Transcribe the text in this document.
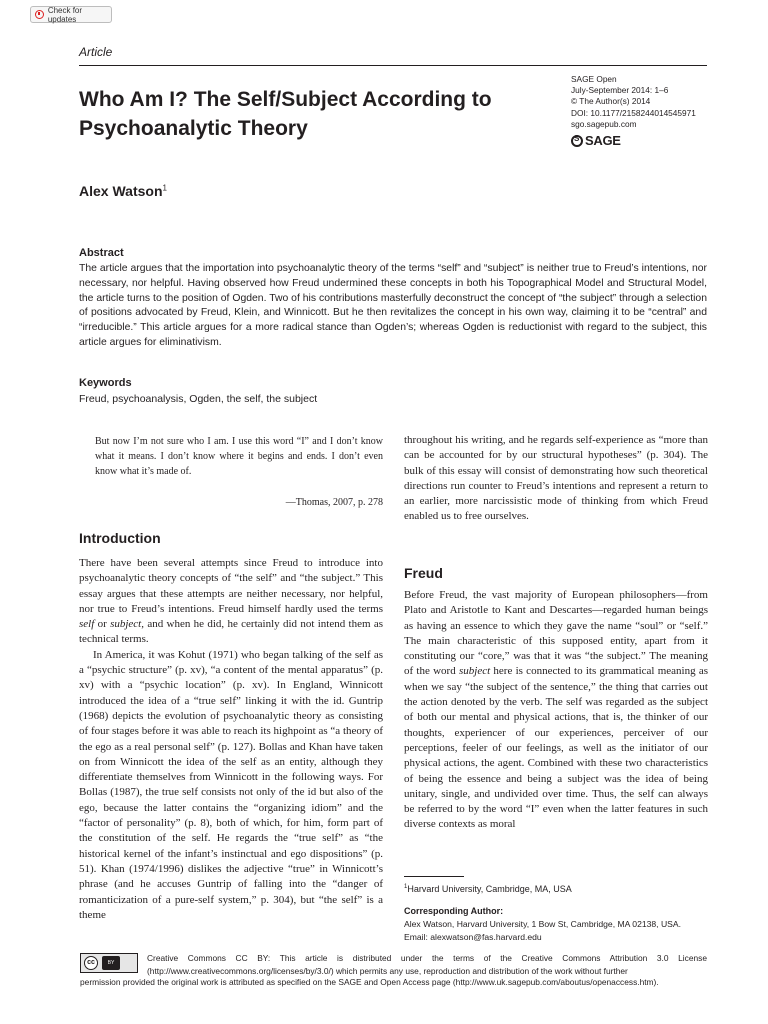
Check for updates
Article
Who Am I? The Self/Subject According to Psychoanalytic Theory
SAGE Open
July-September 2014: 1–6
© The Author(s) 2014
DOI: 10.1177/2158244014545971
sgo.sagepub.com
S
SAGE
Alex Watson$^1$
Abstract

The article argues that the importation into psychoanalytic theory of the terms “self” and “subject” is neither true to Freud’s intentions, nor necessary, nor helpful. Having observed how Freud undermined these concepts in both his Topographical Model and Structural Model, the article turns to the position of Ogden. Two of his contributions masterfully deconstruct the concept of “the subject” through a selection of positions advocated by Freud, Klein, and Winnicott. But he then revitalizes the concept in his own way, claiming it to be “central” and “irreducible.” This article argues for a more radical stance than Ogden’s; whereas Ogden is reductionist with regard to the subject, this article argues for eliminativism.

Keywords
Freud, psychoanalysis, Ogden, the self, the subject

But now I’m not sure who I am. I use this word “I” and I don’t know what it means. I don’t know where it begins and ends. I don’t even know what it’s made of.

—Thomas, 2007, p. 278
Introduction

There have been several attempts since Freud to introduce into psychoanalytic theory concepts of “the self” and “the subject.” This essay argues that these attempts are neither necessary, nor helpful, nor true to Freud’s intentions. Freud himself hardly used the terms self or subject, and when he did, he certainly did not intend them as technical terms.

In America, it was Kohut (1971) who began talking of the self as a “psychic structure” (p. xv), “a content of the mental apparatus” (p. xv) with a “psychic location” (p. xv). In England, Winnicott introduced the idea of a “true self” linking it with the id. Guntrip (1968) depicts the evolution of psychoanalytic theory as consisting of four stages before it was able to reach its highpoint as “a theory of the ego as a real personal self” (p. 127). Bollas and Khan have taken on from Winnicott the idea of the self as an entity, although they differentiate themselves from Winnicott in the following ways. For Bollas (1987), the true self consists not only of the id but also of the ego, because the latter contains the “organizing idiom” and the “factor of personality” (p. 8), both of which, for him, form part of the constitution of the self. He regards the “true self” as “the historical kernel of the infant’s instinctual and ego dispositions” (p. 51). Khan (1974/1996) dislikes the adjective “true” in Winnicott’s phrase (and he accuses Guntrip of falling into the “danger of romanticization of a pure-self system,” p. 304), but “the self” is a theme

throughout his writing, and he regards self-experience as “more than can be accounted for by our structural hypotheses” (p. 304). The bulk of this essay will consist of demonstrating how such theoretical directions run counter to Freud’s intentions and represent a return to an earlier, more narcissistic mode of thinking from which Freud enabled us to free ourselves.

Freud

Before Freud, the vast majority of European philosophers—from Plato and Aristotle to Kant and Descartes—regarded human beings as having an essence to which they gave the name “soul” or “self.” The main characteristic of this supposed entity, apart from it constituting our “core,” was that it was “the subject.” The meaning of the word subject here is connected to its grammatical meaning as when we say “the subject of the sentence,” the thing that carries out the action denoted by the verb. The self was regarded as the subject of both our mental and physical actions, that is, the thinker of our thoughts, experiencer of our experiences, perceiver of our perceptions, feeler of our feelings, as well as the initiator of our physical actions, the agent. Combined with these two characteristics of being the essence and being a subject was the idea of being unitary, single, and undivided over time. Thus, the self can always be referred to by the word “I” even when the latter features in such diverse contexts as moral

$^1$Harvard University, Cambridge, MA, USA
Corresponding Author:
Alex Watson, Harvard University, 1 Bow St, Cambridge, MA 02138, USA.
Email: alexwatson@fas.harvard.edu
cc	BY	Creative Commons CC BY: This article is distributed under the terms of the Creative Commons Attribution 3.0 License (http://www.creativecommons.org/licenses/by/3.0/) which permits any use, reproduction and distribution of the work without further

permission provided the original work is attributed as specified on the SAGE and Open Access page (http://www.uk.sagepub.com/aboutus/openaccess.htm).
